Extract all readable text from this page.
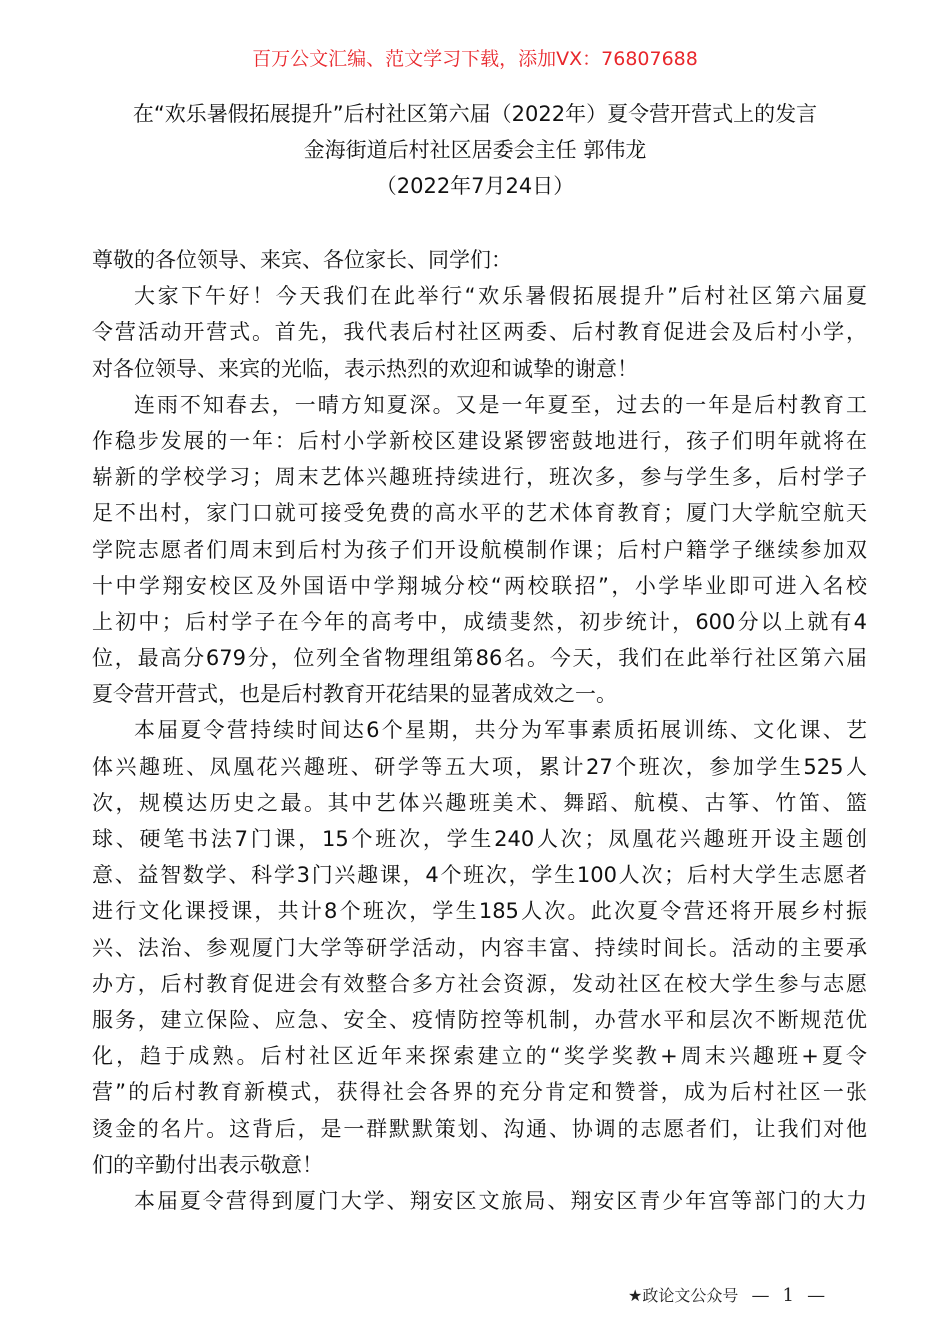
百万公文汇编、范文学习下载，添加VX：76807688
在“欢乐暑假拓展提升”后村社区第六届（2022年）夏令营开营式上的发言
金海街道后村社区居委会主任 郭伟龙
（2022年7月24日）
尊敬的各位领导、来宾、各位家长、同学们：
大家下午好！今天我们在此举行“欢乐暑假拓展提升”后村社区第六届夏
令营活动开营式。首先，我代表后村社区两委、后村教育促进会及后村小学，
对各位领导、来宾的光临，表示热烈的欢迎和诚挚的谢意！
连雨不知春去，一晴方知夏深。又是一年夏至，过去的一年是后村教育工
作稳步发展的一年：后村小学新校区建设紧锣密鼓地进行，孩子们明年就将在
崭新的学校学习；周末艺体兴趣班持续进行，班次多，参与学生多，后村学子
足不出村，家门口就可接受免费的高水平的艺术体育教育；厦门大学航空航天
学院志愿者们周末到后村为孩子们开设航模制作课；后村户籍学子继续参加双
十中学翔安校区及外国语中学翔城分校“两校联招”，小学毕业即可进入名校
上初中；后村学子在今年的高考中，成绩斐然，初步统计，600分以上就有4
位，最高分679分，位列全省物理组第86名。今天，我们在此举行社区第六届
夏令营开营式，也是后村教育开花结果的显著成效之一。
本届夏令营持续时间达6个星期，共分为军事素质拓展训练、文化课、艺
体兴趣班、凤凰花兴趣班、研学等五大项，累计27个班次，参加学生525人
次，规模达历史之最。其中艺体兴趣班美术、舞蹈、航模、古筝、竹笛、篮
球、硬笔书法7门课，15个班次，学生240人次；凤凰花兴趣班开设主题创
意、益智数学、科学3门兴趣课，4个班次，学生100人次；后村大学生志愿者
进行文化课授课，共计8个班次，学生185人次。此次夏令营还将开展乡村振
兴、法治、参观厦门大学等研学活动，内容丰富、持续时间长。活动的主要承
办方，后村教育促进会有效整合多方社会资源，发动社区在校大学生参与志愿
服务，建立保险、应急、安全、疫情防控等机制，办营水平和层次不断规范优
化，趋于成熟。后村社区近年来探索建立的“奖学奖教+周末兴趣班+夏令
营”的后村教育新模式，获得社会各界的充分肯定和赞誉，成为后村社区一张
烫金的名片。这背后，是一群默默策划、沟通、协调的志愿者们，让我们对他
们的辛勤付出表示敬意！
本届夏令营得到厦门大学、翔安区文旅局、翔安区青少年宫等部门的大力
★政论文公众号 — 1 —
